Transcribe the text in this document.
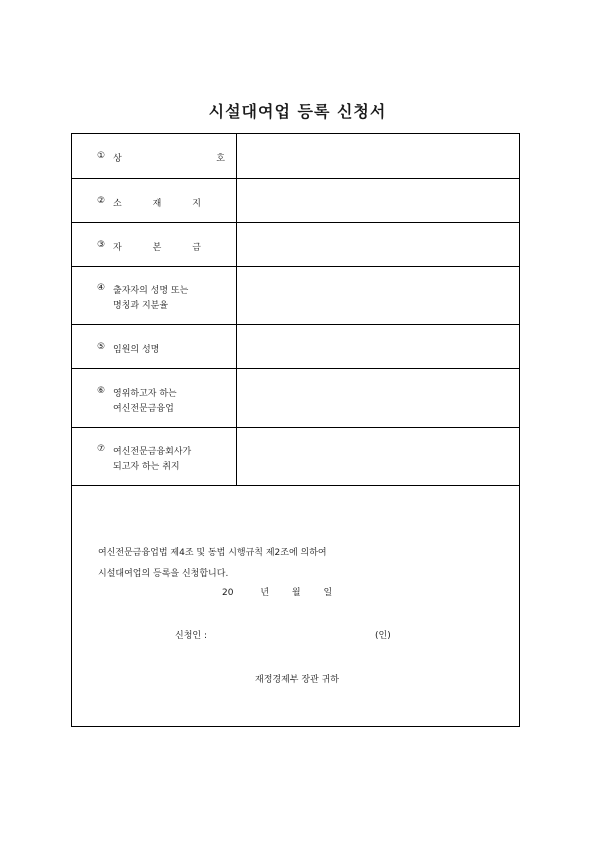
시설대여업 등록 신청서
① 상	호
② 소	재	지
③ 자	본	금
④ 출자자의 성명 또는
명칭과 지분율
⑤ 임원의 성명
⑥ 영위하고자 하는
여신전문금융업
⑦ 여신전문금융회사가
되고자 하는 취지
여신전문금융업법 제4조 및 동법 시행규칙 제2조에 의하여
시설대여업의 등록을 신청합니다.
20	년	월	일
신청인 :	(인)
재정경제부 장관 귀하
